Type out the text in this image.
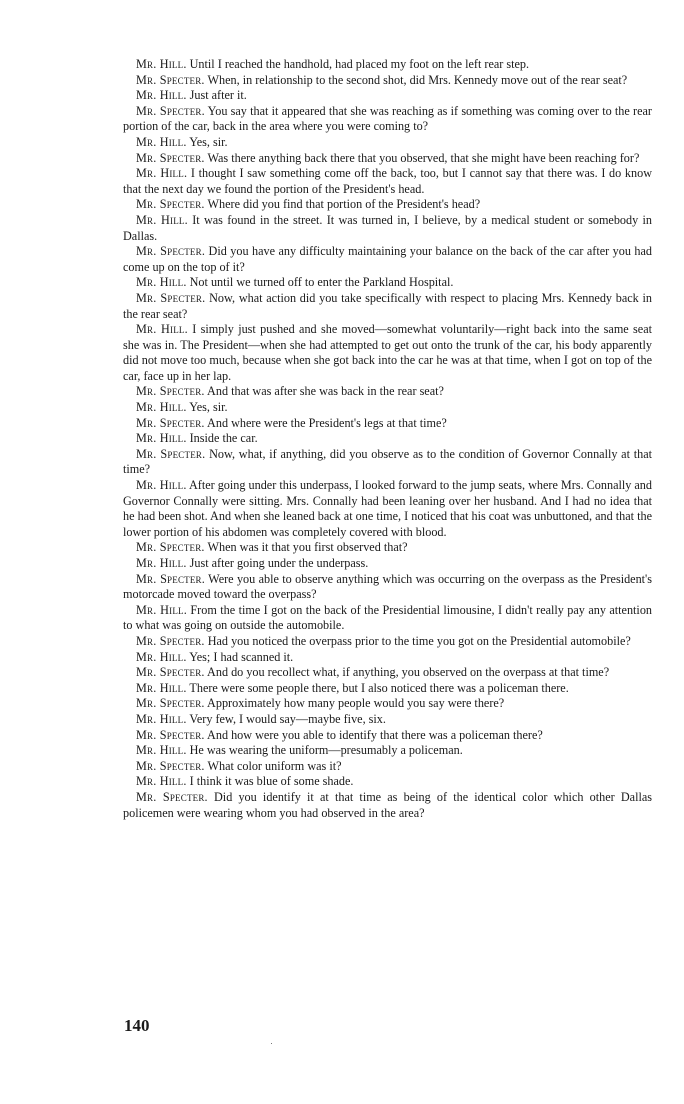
Mr. Hill. Until I reached the handhold, had placed my foot on the left rear step.

Mr. Specter. When, in relationship to the second shot, did Mrs. Kennedy move out of the rear seat?

Mr. Hill. Just after it.

Mr. Specter. You say that it appeared that she was reaching as if something was coming over to the rear portion of the car, back in the area where you were coming to?

Mr. Hill. Yes, sir.

Mr. Specter. Was there anything back there that you observed, that she might have been reaching for?

Mr. Hill. I thought I saw something come off the back, too, but I cannot say that there was. I do know that the next day we found the portion of the President's head.

Mr. Specter. Where did you find that portion of the President's head?

Mr. Hill. It was found in the street. It was turned in, I believe, by a medical student or somebody in Dallas.

Mr. Specter. Did you have any difficulty maintaining your balance on the back of the car after you had come up on the top of it?

Mr. Hill. Not until we turned off to enter the Parkland Hospital.

Mr. Specter. Now, what action did you take specifically with respect to placing Mrs. Kennedy back in the rear seat?

Mr. Hill. I simply just pushed and she moved—somewhat voluntarily—right back into the same seat she was in. The President—when she had attempted to get out onto the trunk of the car, his body apparently did not move too much, because when she got back into the car he was at that time, when I got on top of the car, face up in her lap.

Mr. Specter. And that was after she was back in the rear seat?

Mr. Hill. Yes, sir.

Mr. Specter. And where were the President's legs at that time?

Mr. Hill. Inside the car.

Mr. Specter. Now, what, if anything, did you observe as to the condition of Governor Connally at that time?

Mr. Hill. After going under this underpass, I looked forward to the jump seats, where Mrs. Connally and Governor Connally were sitting. Mrs. Connally had been leaning over her husband. And I had no idea that he had been shot. And when she leaned back at one time, I noticed that his coat was unbuttoned, and that the lower portion of his abdomen was completely covered with blood.

Mr. Specter. When was it that you first observed that?

Mr. Hill. Just after going under the underpass.

Mr. Specter. Were you able to observe anything which was occurring on the overpass as the President's motorcade moved toward the overpass?

Mr. Hill. From the time I got on the back of the Presidential limousine, I didn't really pay any attention to what was going on outside the automobile.

Mr. Specter. Had you noticed the overpass prior to the time you got on the Presidential automobile?

Mr. Hill. Yes; I had scanned it.

Mr. Specter. And do you recollect what, if anything, you observed on the overpass at that time?

Mr. Hill. There were some people there, but I also noticed there was a policeman there.

Mr. Specter. Approximately how many people would you say were there?

Mr. Hill. Very few, I would say—maybe five, six.

Mr. Specter. And how were you able to identify that there was a policeman there?

Mr. Hill. He was wearing the uniform—presumably a policeman.

Mr. Specter. What color uniform was it?

Mr. Hill. I think it was blue of some shade.

Mr. Specter. Did you identify it at that time as being of the identical color which other Dallas policemen were wearing whom you had observed in the area?

140
